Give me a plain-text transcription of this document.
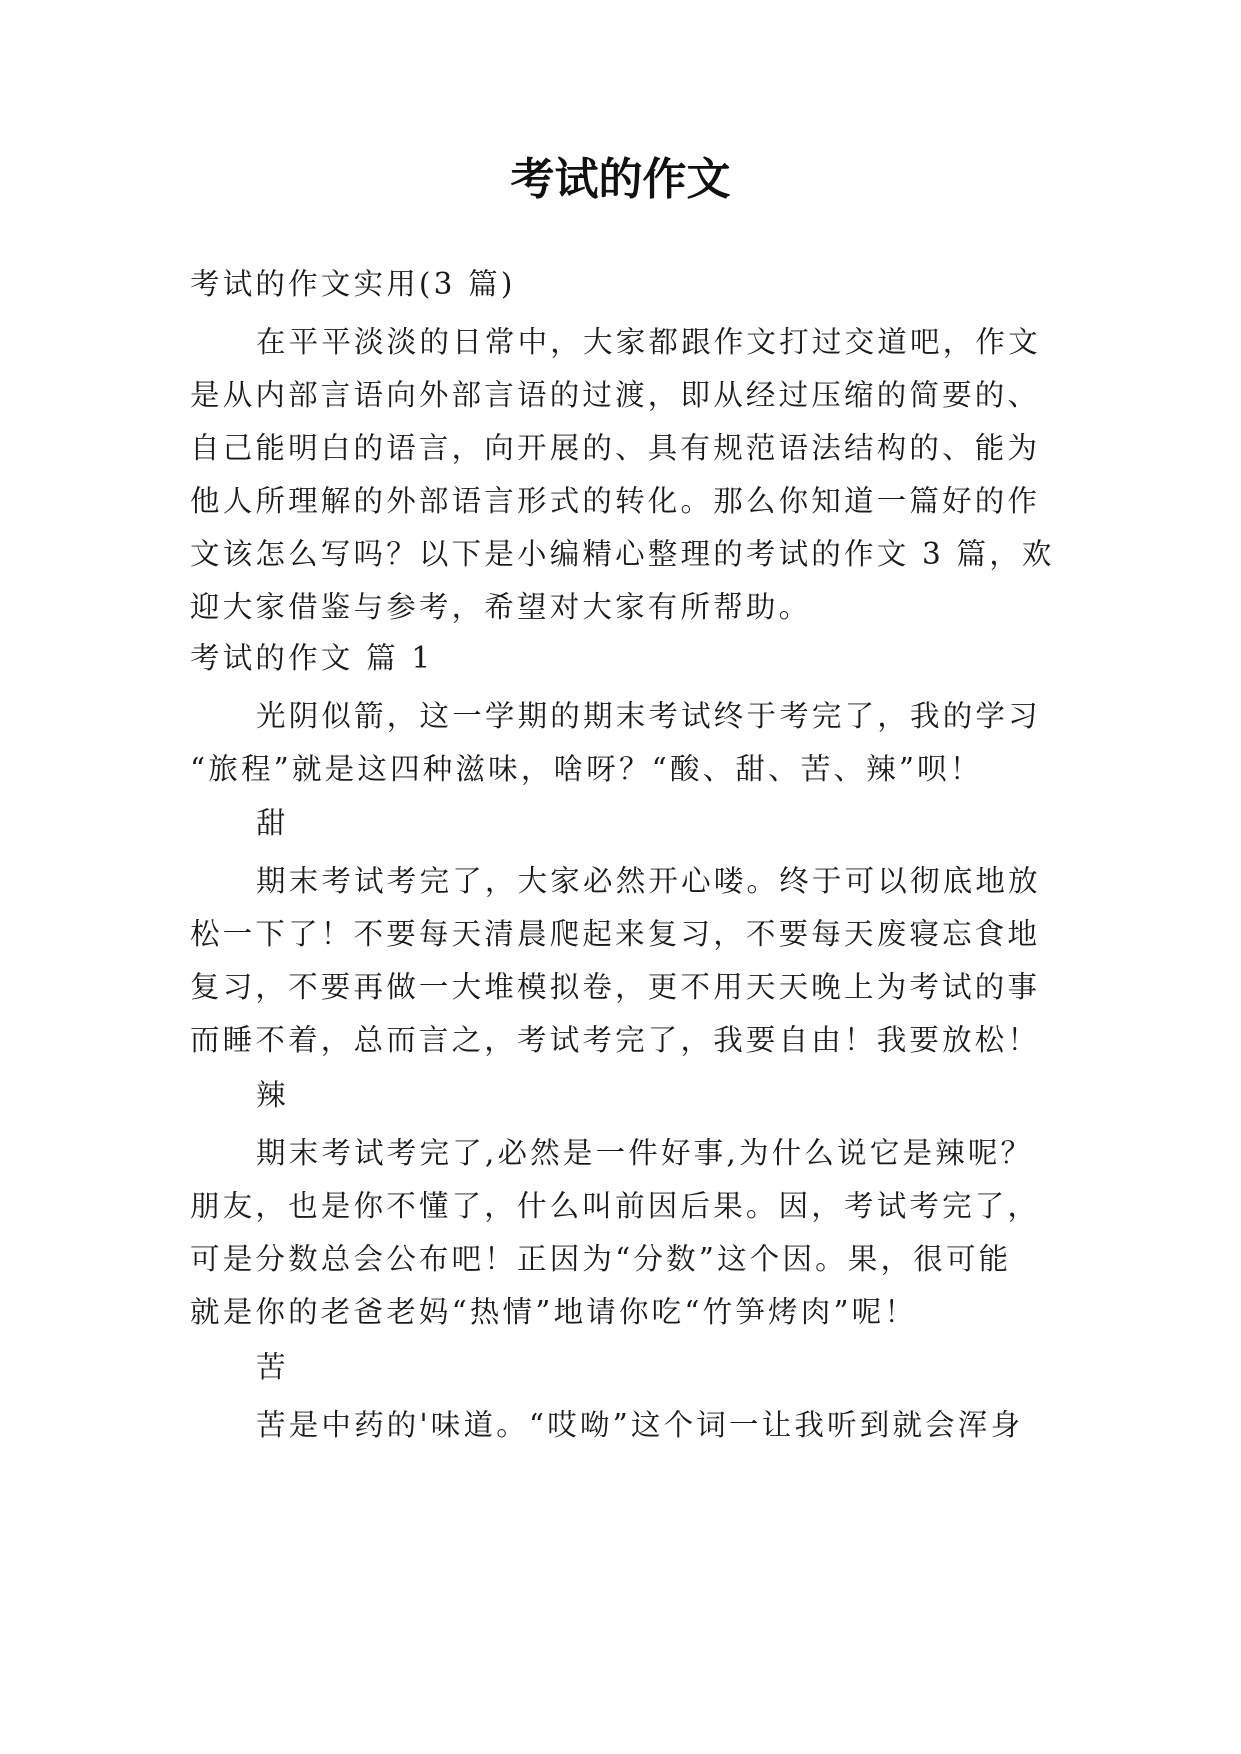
考试的作文

考试的作文实用(3 篇)

在平平淡淡的日常中，大家都跟作文打过交道吧，作文

是从内部言语向外部言语的过渡，即从经过压缩的简要的、

自己能明白的语言，向开展的、具有规范语法结构的、能为

他人所理解的外部语言形式的转化。那么你知道一篇好的作

文该怎么写吗？以下是小编精心整理的考试的作文 3 篇，欢

迎大家借鉴与参考，希望对大家有所帮助。

考试的作文 篇 1

光阴似箭，这一学期的期末考试终于考完了，我的学习

“旅程”就是这四种滋味，啥呀？“酸、甜、苦、辣”呗！

甜

期末考试考完了，大家必然开心喽。终于可以彻底地放

松一下了！不要每天清晨爬起来复习，不要每天废寝忘食地

复习，不要再做一大堆模拟卷，更不用天天晚上为考试的事

而睡不着，总而言之，考试考完了，我要自由！我要放松！

辣

期末考试考完了,必然是一件好事,为什么说它是辣呢？

朋友，也是你不懂了，什么叫前因后果。因，考试考完了，

可是分数总会公布吧！正因为“分数”这个因。果，很可能

就是你的老爸老妈“热情”地请你吃“竹笋烤肉”呢！

苦

苦是中药的'味道。“哎呦”这个词一让我听到就会浑身
